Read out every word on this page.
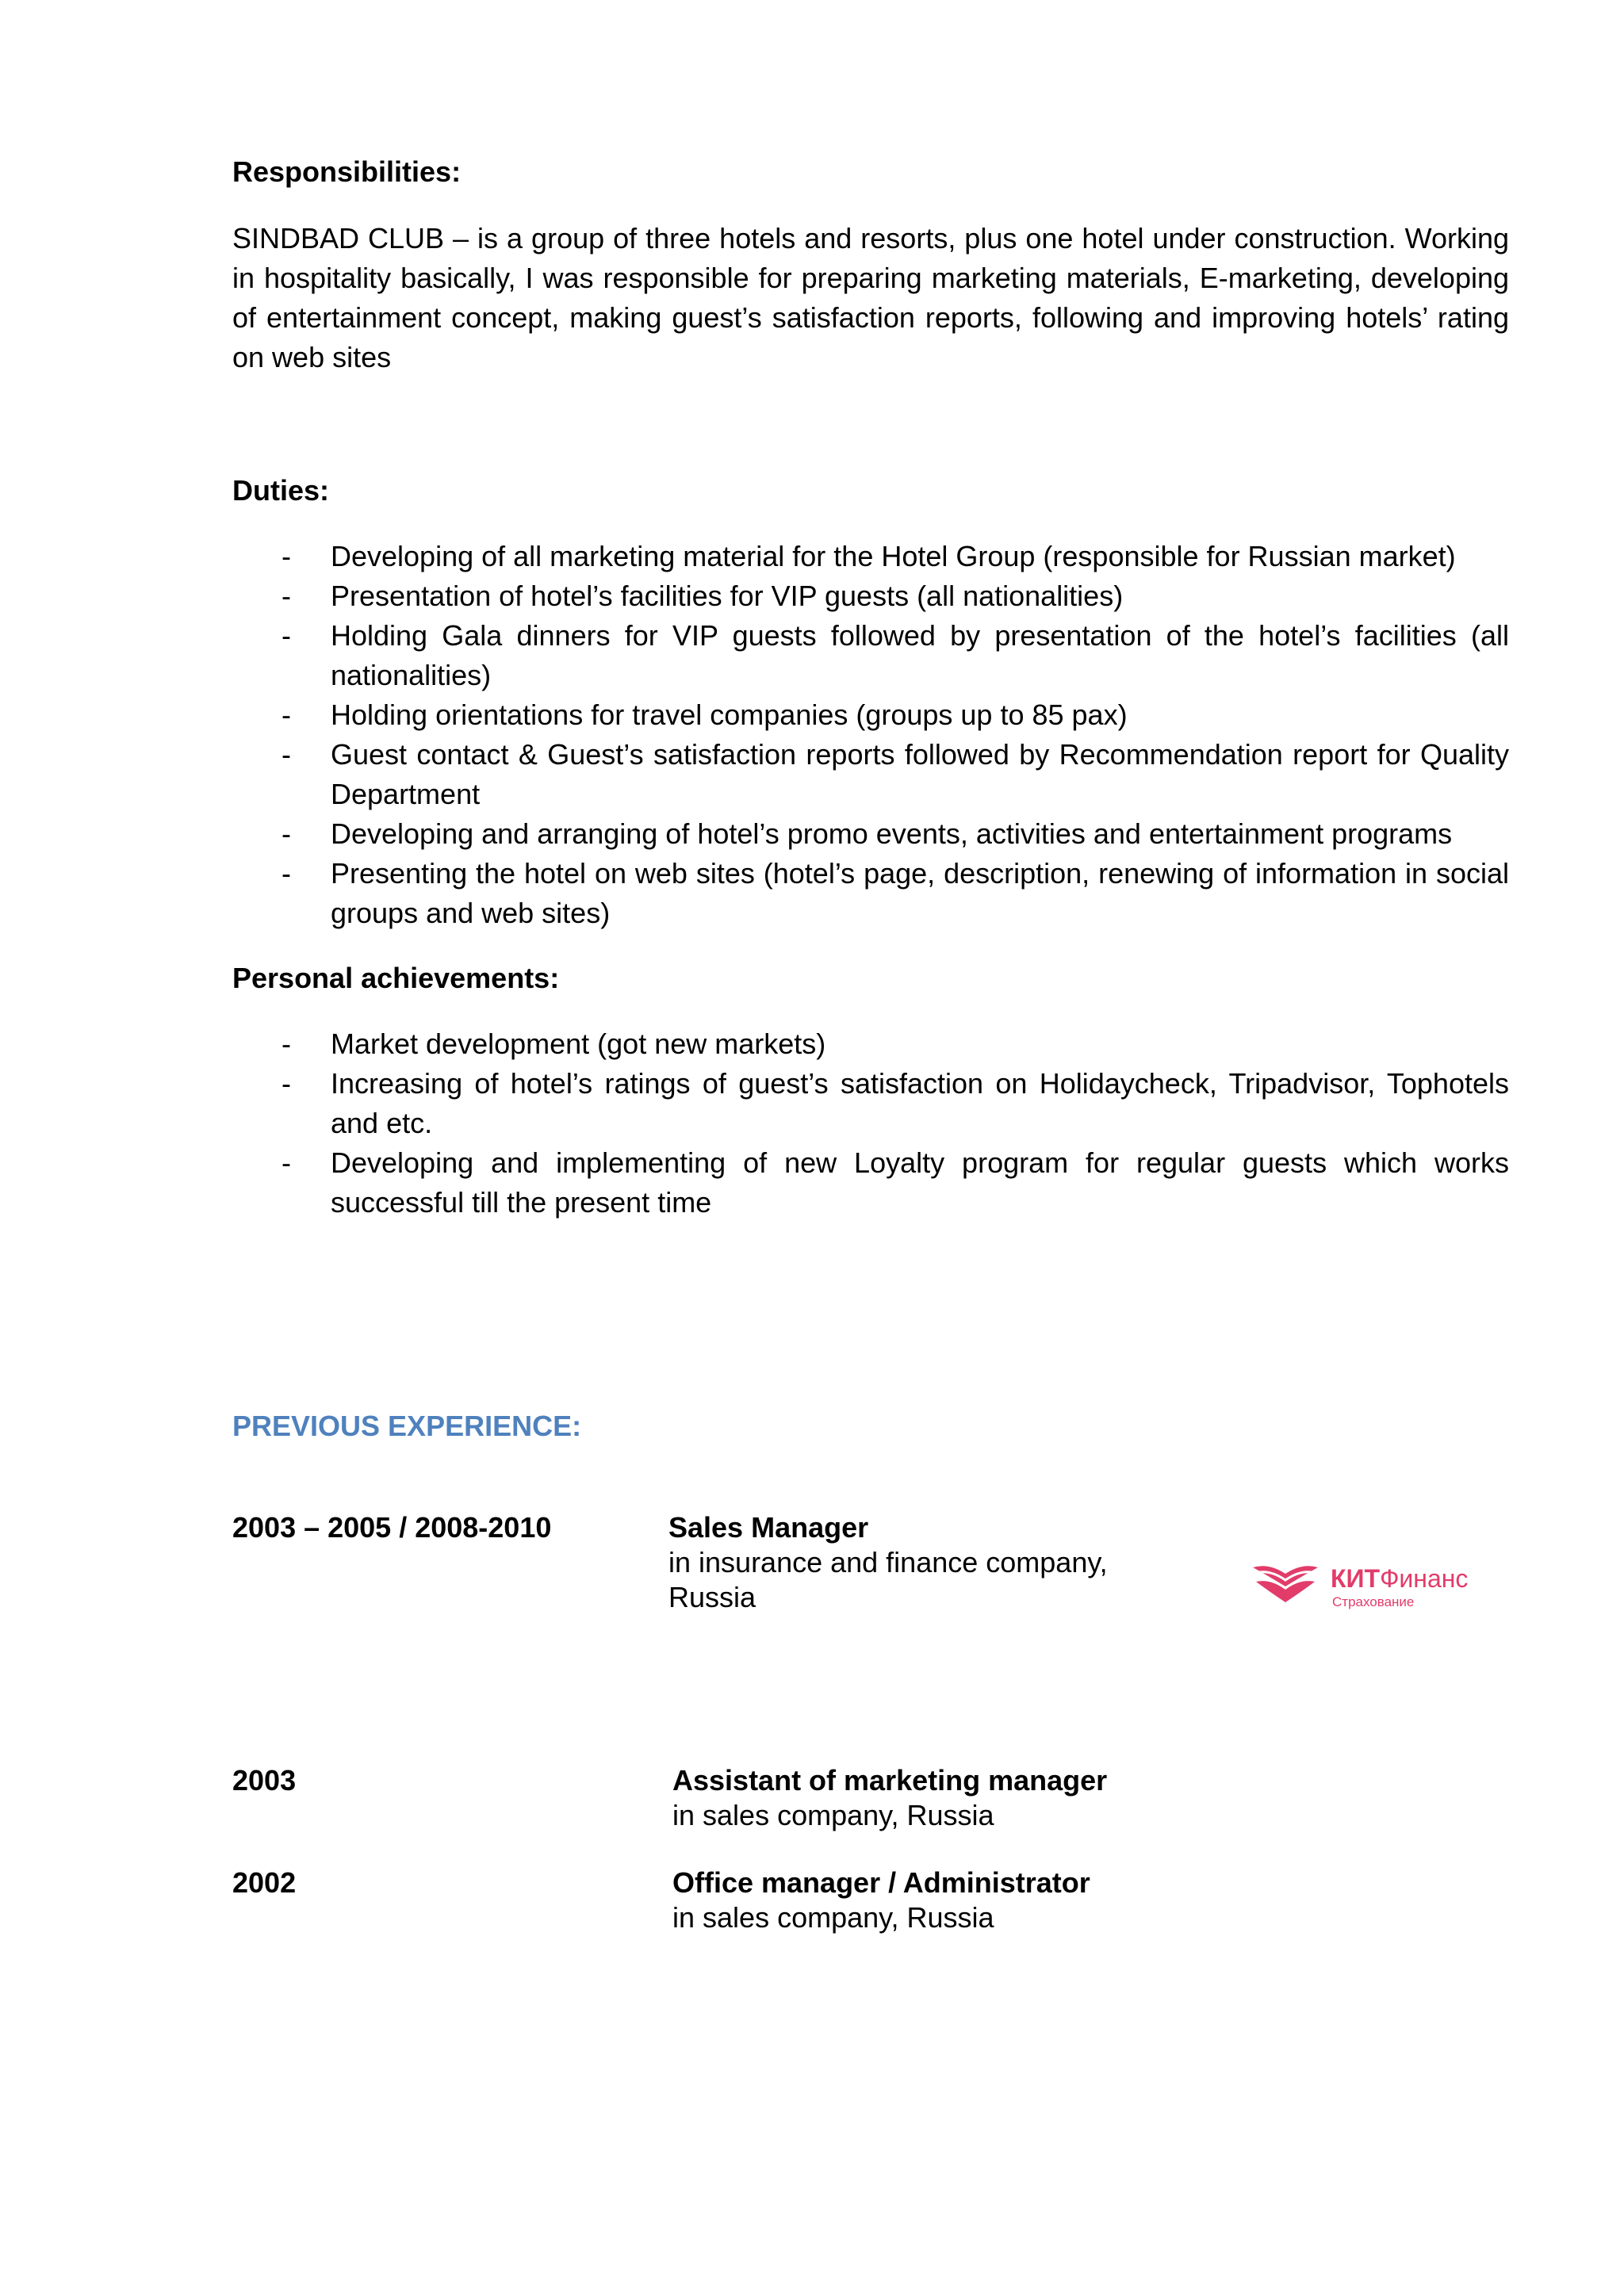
Responsibilities:

SINDBAD CLUB – is a group of three hotels and resorts, plus one hotel under construction. Working in hospitality basically, I was responsible for preparing marketing materials, E-marketing, developing of entertainment concept, making guest’s satisfaction reports, following and improving hotels’ rating on web sites

Duties:

- Developing of all marketing material for the Hotel Group (responsible for Russian market)
- Presentation of hotel’s facilities for VIP guests (all nationalities)
- Holding Gala dinners for VIP guests followed by presentation of the hotel’s facilities (all nationalities)
- Holding orientations for travel companies (groups up to 85 pax)
- Guest contact & Guest’s satisfaction reports followed by Recommendation report for Quality Department
- Developing and arranging of hotel’s promo events, activities and entertainment programs
- Presenting the hotel on web sites (hotel’s page, description, renewing of information in social groups and web sites)

Personal achievements:

- Market development (got new markets)
- Increasing of hotel’s ratings of guest’s satisfaction on Holidaycheck, Tripadvisor, Tophotels and etc.
- Developing and implementing of new Loyalty program for regular guests which works successful till the present time

PREVIOUS EXPERIENCE:

2003 – 2005 / 2008-2010	Sales Manager
in insurance and finance company,
Russia
КИТФинанс
Страхование
2003	Assistant of marketing manager
in sales company, Russia
2002	Office manager / Administrator
in sales company, Russia
